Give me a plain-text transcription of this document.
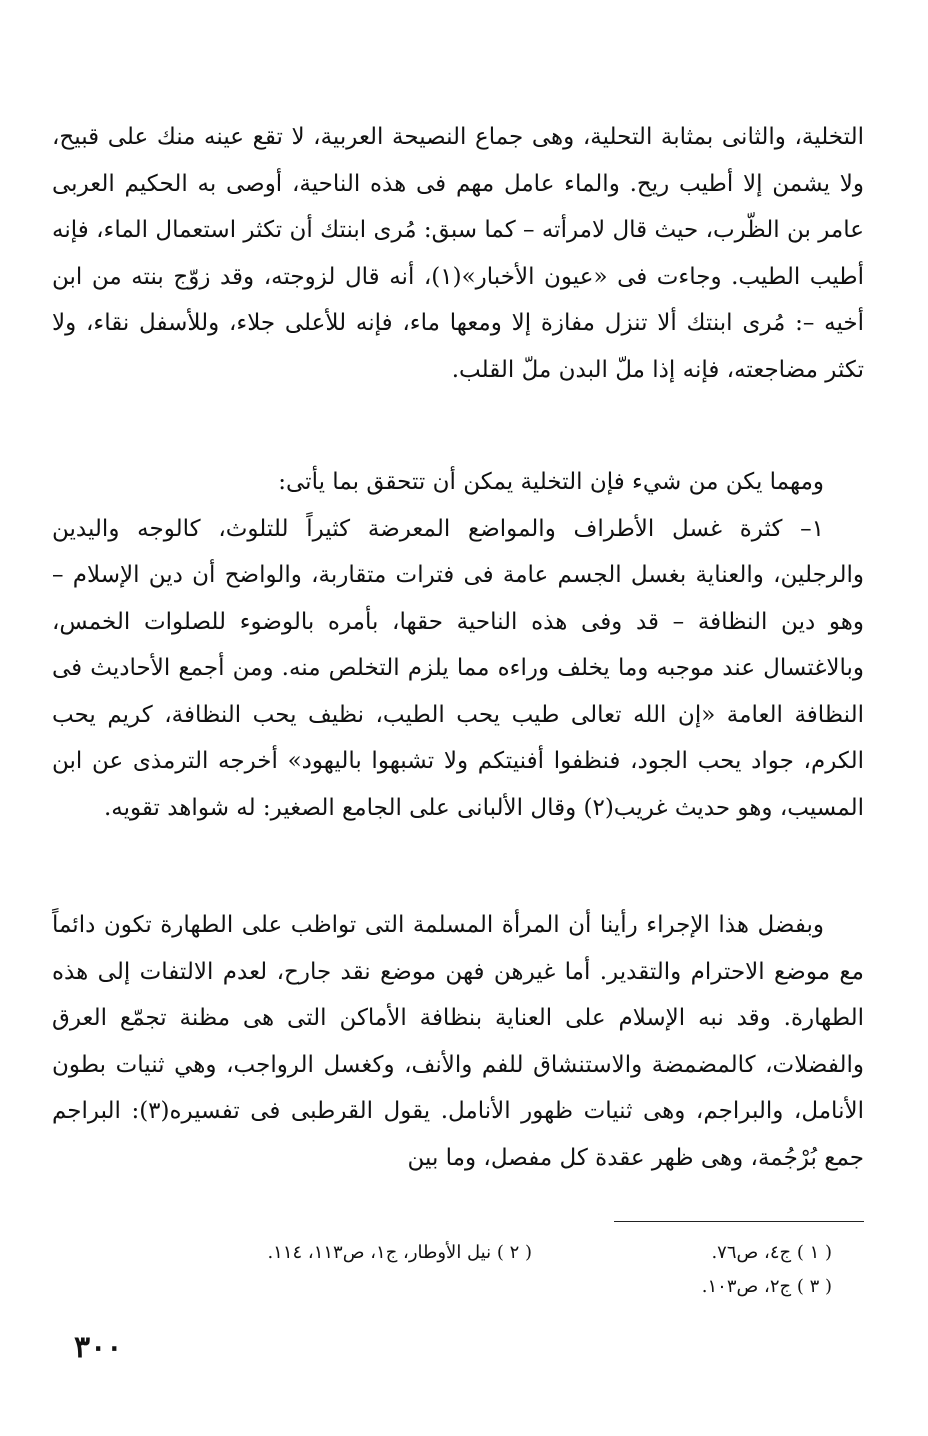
التخلية، والثانى بمثابة التحلية، وهى جماع النصيحة العربية، لا تقع عينه منك على قبيح، ولا يشمن إلا أطيب ريح. والماء عامل مهم فى هذه الناحية، أوصى به الحكيم العربى عامر بن الظّرب، حيث قال لامرأته – كما سبق: مُرى ابنتك أن تكثر استعمال الماء، فإنه أطيب الطيب. وجاءت فى «عيون الأخبار»(١)، أنه قال لزوجته، وقد زوّج بنته من ابن أخيه –: مُرى ابنتك ألا تنزل مفازة إلا ومعها ماء، فإنه للأعلى جلاء، وللأسفل نقاء، ولا تكثر مضاجعته، فإنه إذا ملّ البدن ملّ القلب.

ومهما يكن من شيء فإن التخلية يمكن أن تتحقق بما يأتى:

١– كثرة غسل الأطراف والمواضع المعرضة كثيراً للتلوث، كالوجه واليدين والرجلين، والعناية بغسل الجسم عامة فى فترات متقاربة، والواضح أن دين الإسلام – وهو دين النظافة – قد وفى هذه الناحية حقها، بأمره بالوضوء للصلوات الخمس، وبالاغتسال عند موجبه وما يخلف وراءه مما يلزم التخلص منه. ومن أجمع الأحاديث فى النظافة العامة «إن الله تعالى طيب يحب الطيب، نظيف يحب النظافة، كريم يحب الكرم، جواد يحب الجود، فنظفوا أفنيتكم ولا تشبهوا باليهود» أخرجه الترمذى عن ابن المسيب، وهو حديث غريب(٢) وقال الألبانى على الجامع الصغير: له شواهد تقويه.

وبفضل هذا الإجراء رأينا أن المرأة المسلمة التى تواظب على الطهارة تكون دائماً مع موضع الاحترام والتقدير. أما غيرهن فهن موضع نقد جارح، لعدم الالتفات إلى هذه الطهارة. وقد نبه الإسلام على العناية بنظافة الأماكن التى هى مظنة تجمّع العرق والفضلات، كالمضمضة والاستنشاق للفم والأنف، وكغسل الرواجب، وهي ثنيات بطون الأنامل، والبراجم، وهى ثنيات ظهور الأنامل. يقول القرطبى فى تفسيره(٣): البراجم جمع بُرْجُمة، وهى ظهر عقدة كل مفصل، وما بين

( ١ ) ج٤، ص٧٦.
( ٢ ) نيل الأوطار، ج١، ص١١٣، ١١٤.
( ٣ ) ج٢، ص١٠٣.
٣٠٠
